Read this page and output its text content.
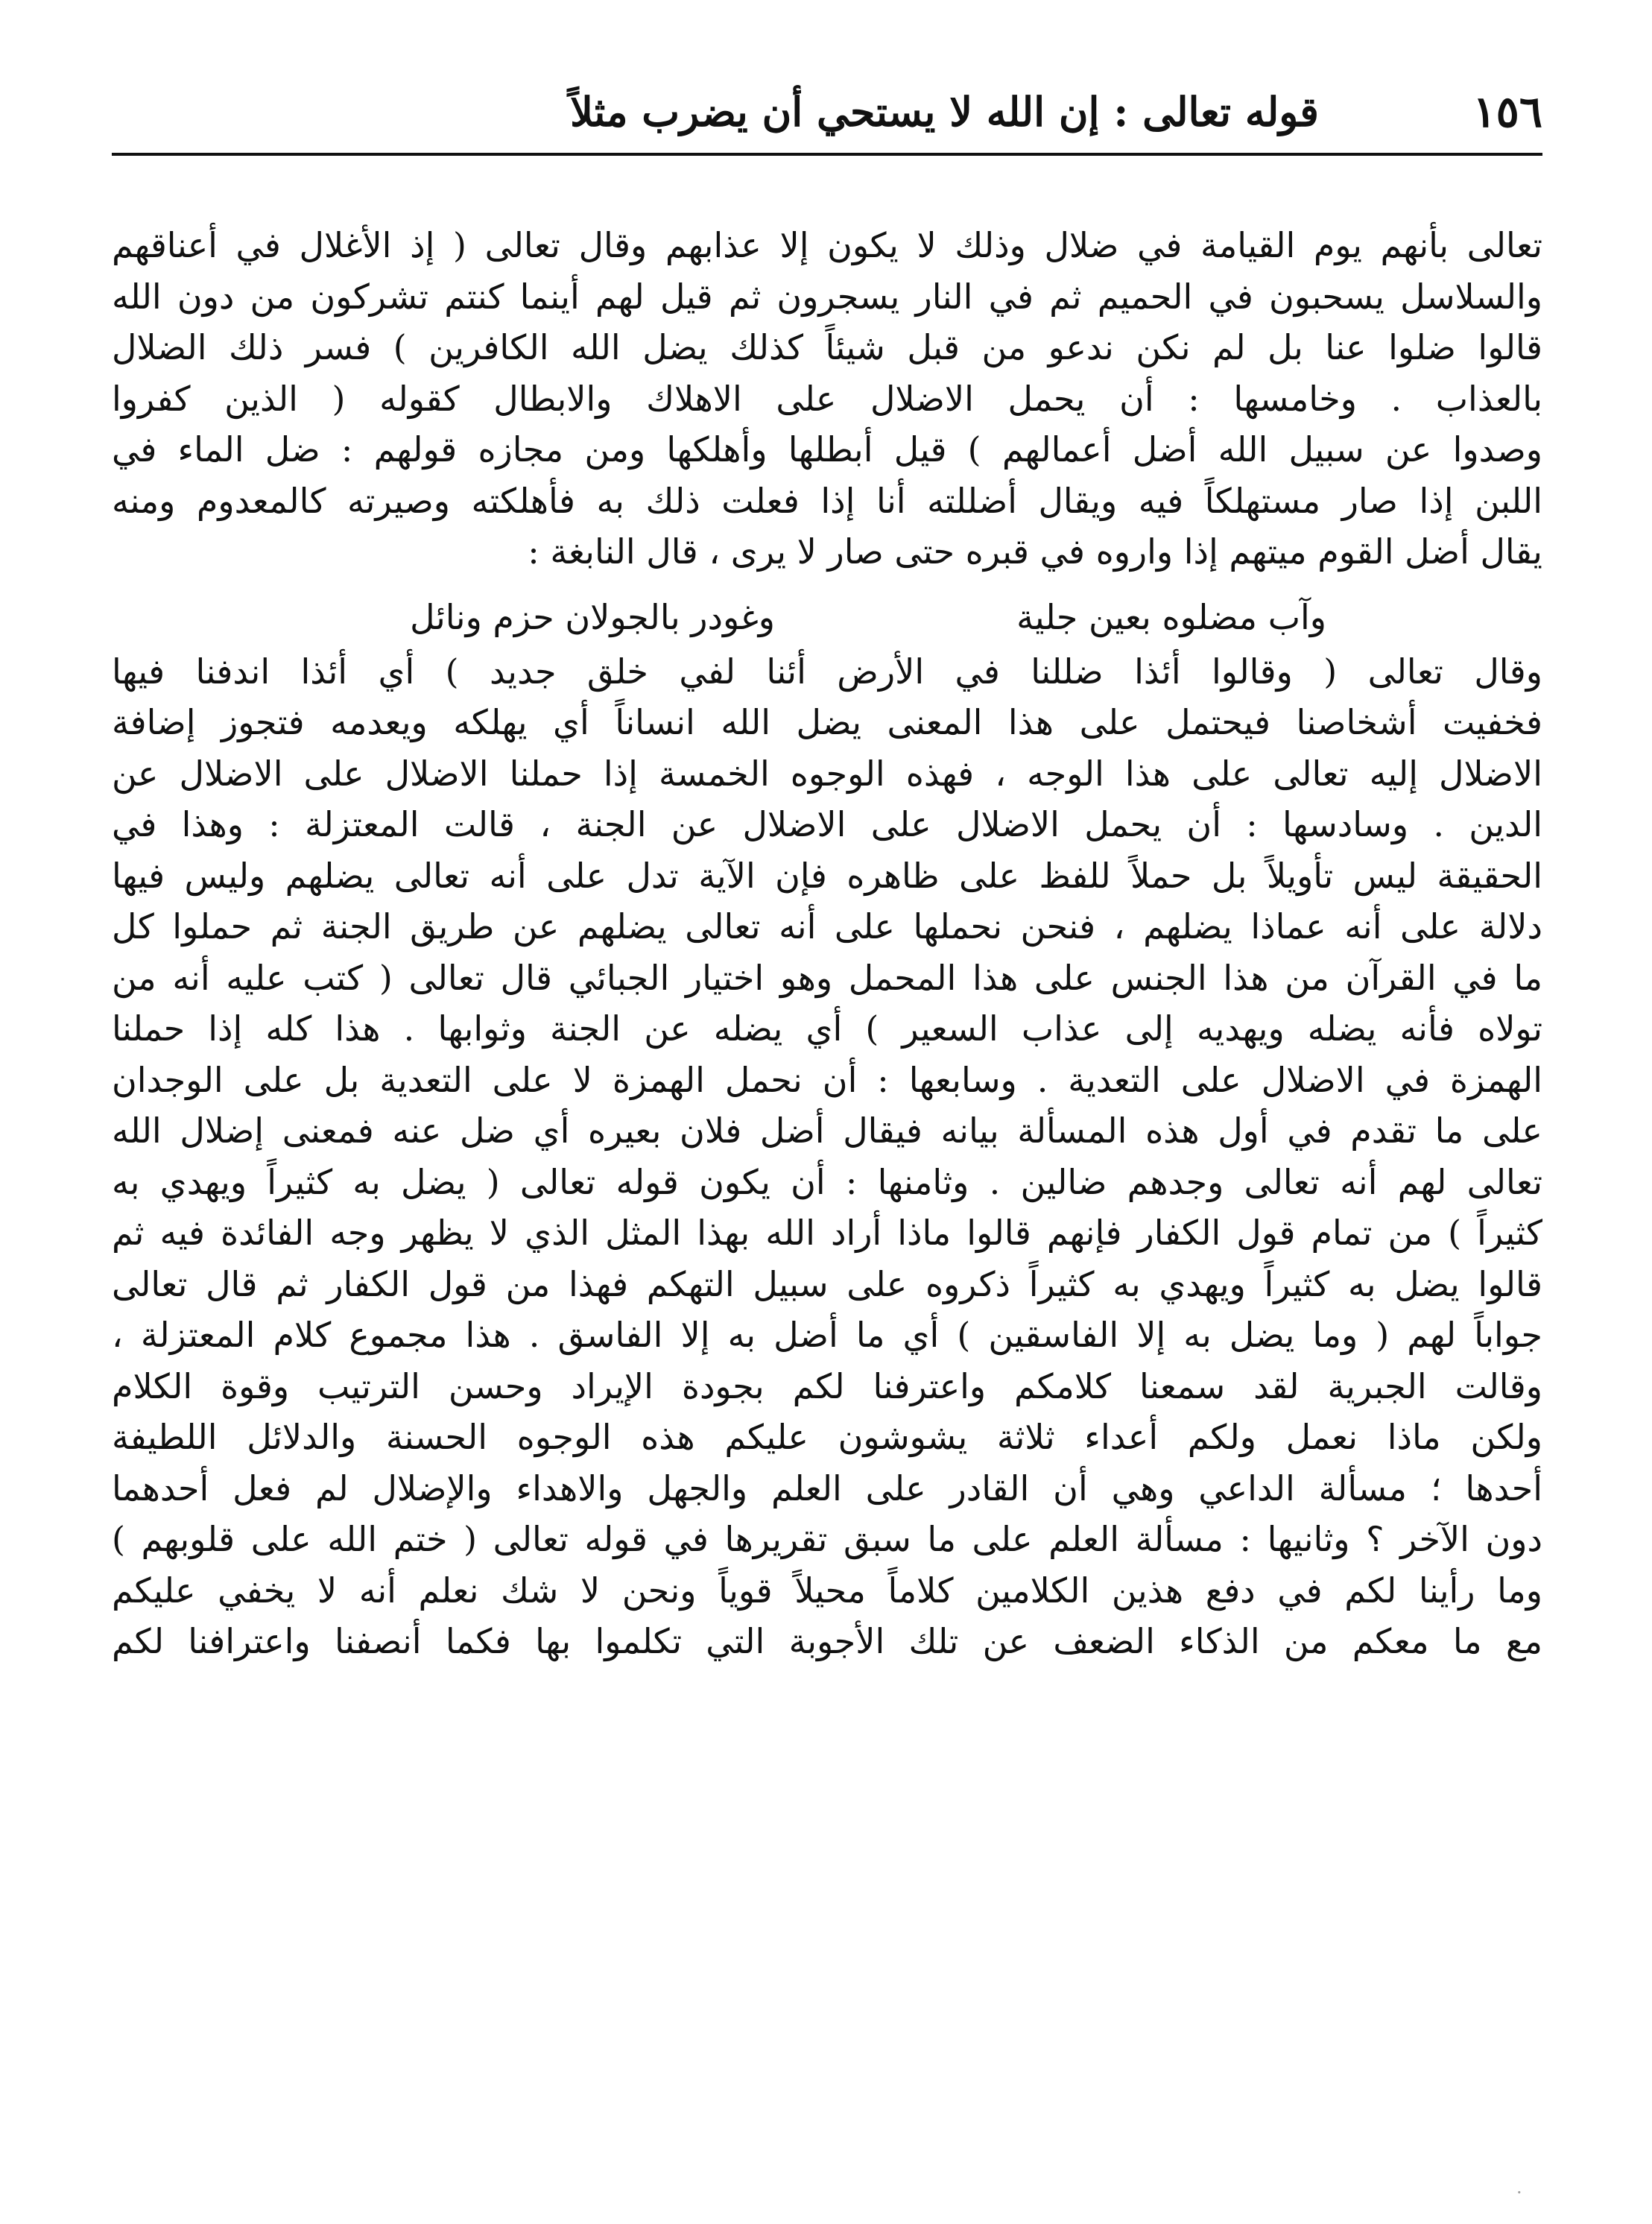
١٥٦
قوله تعالى : إن الله لا يستحي أن يضرب مثلاً
تعالى بأنهم يوم القيامة في ضلال وذلك لا يكون إلا عذابهم وقال تعالى ( إذ الأغلال في أعناقهم
والسلاسل يسحبون في الحميم ثم في النار يسجرون ثم قيل لهم أينما كنتم تشركون من دون الله
قالوا ضلوا عنا بل لم نكن ندعو من قبل شيئاً كذلك يضل الله الكافرين ) فسر ذلك الضلال
بالعذاب . وخامسها : أن يحمل الاضلال على الاهلاك والابطال كقوله ( الذين كفروا
وصدوا عن سبيل الله أضل أعمالهم ) قيل أبطلها وأهلكها ومن مجازه قولهم : ضل الماء في
اللبن إذا صار مستهلكاً فيه ويقال أضللته أنا إذا فعلت ذلك به فأهلكته وصيرته كالمعدوم ومنه
يقال أضل القوم ميتهم إذا واروه في قبره حتى صار لا يرى ، قال النابغة :
وآب مضلوه بعين جلية
وغودر بالجولان حزم ونائل
وقال تعالى ( وقالوا أئذا ضللنا في الأرض أئنا لفي خلق جديد ) أي أئذا اندفنا فيها
فخفيت أشخاصنا فيحتمل على هذا المعنى يضل الله انساناً أي يهلكه ويعدمه فتجوز إضافة
الاضلال إليه تعالى على هذا الوجه ، فهذه الوجوه الخمسة إذا حملنا الاضلال على الاضلال عن
الدين . وسادسها : أن يحمل الاضلال على الاضلال عن الجنة ، قالت المعتزلة : وهذا في
الحقيقة ليس تأويلاً بل حملاً للفظ على ظاهره فإن الآية تدل على أنه تعالى يضلهم وليس فيها
دلالة على أنه عماذا يضلهم ، فنحن نحملها على أنه تعالى يضلهم عن طريق الجنة ثم حملوا كل
ما في القرآن من هذا الجنس على هذا المحمل وهو اختيار الجبائي قال تعالى ( كتب عليه أنه من
تولاه فأنه يضله ويهديه إلى عذاب السعير ) أي يضله عن الجنة وثوابها . هذا كله إذا حملنا
الهمزة في الاضلال على التعدية . وسابعها : أن نحمل الهمزة لا على التعدية بل على الوجدان
على ما تقدم في أول هذه المسألة بيانه فيقال أضل فلان بعيره أي ضل عنه فمعنى إضلال الله
تعالى لهم أنه تعالى وجدهم ضالين . وثامنها : أن يكون قوله تعالى ( يضل به كثيراً ويهدي به
كثيراً ) من تمام قول الكفار فإنهم قالوا ماذا أراد الله بهذا المثل الذي لا يظهر وجه الفائدة فيه ثم
قالوا يضل به كثيراً ويهدي به كثيراً ذكروه على سبيل التهكم فهذا من قول الكفار ثم قال تعالى
جواباً لهم ( وما يضل به إلا الفاسقين ) أي ما أضل به إلا الفاسق . هذا مجموع كلام المعتزلة ،
وقالت الجبرية لقد سمعنا كلامكم واعترفنا لكم بجودة الإيراد وحسن الترتيب وقوة الكلام
ولكن ماذا نعمل ولكم أعداء ثلاثة يشوشون عليكم هذه الوجوه الحسنة والدلائل اللطيفة
أحدها ؛ مسألة الداعي وهي أن القادر على العلم والجهل والاهداء والإضلال لم فعل أحدهما
دون الآخر ؟ وثانيها : مسألة العلم على ما سبق تقريرها في قوله تعالى ( ختم الله على قلوبهم )
وما رأينا لكم في دفع هذين الكلامين كلاماً محيلاً قوياً ونحن لا شك نعلم أنه لا يخفي عليكم
مع ما معكم من الذكاء الضعف عن تلك الأجوبة التي تكلموا بها فكما أنصفنا واعترافنا لكم
·
